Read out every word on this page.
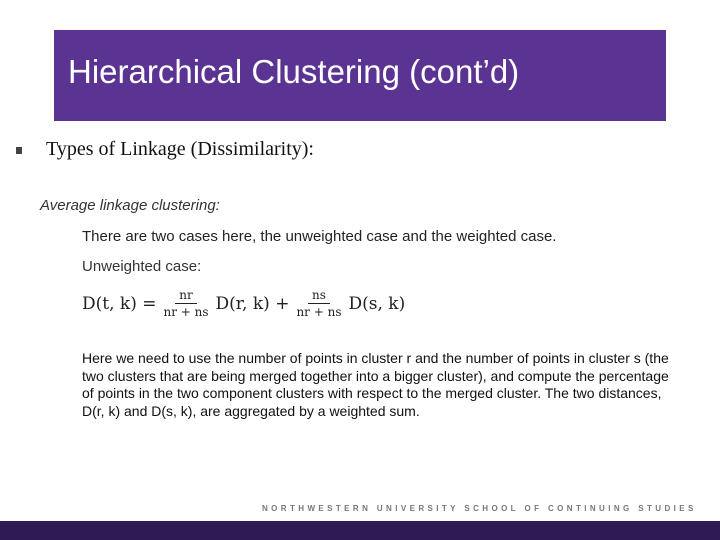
Hierarchical Clustering (cont’d)
Types of Linkage (Dissimilarity):
Average linkage clustering:
There are two cases here, the unweighted case and the weighted case.
Unweighted case:
D(t, $k) = \frac{nr}{nr + ns} D(r$, $k) + \frac{ns}{nr + ns} D(s$, k)

Here we need to use the number of points in cluster r and the number of points in cluster s (the two clusters that are being merged together into a bigger cluster), and compute the percentage of points in the two component clusters with respect to the merged cluster. The two distances, D(r, k) and D(s, k), are aggregated by a weighted sum.

NORTHWESTERN UNIVERSITY SCHOOL OF CONTINUING STUDIES
